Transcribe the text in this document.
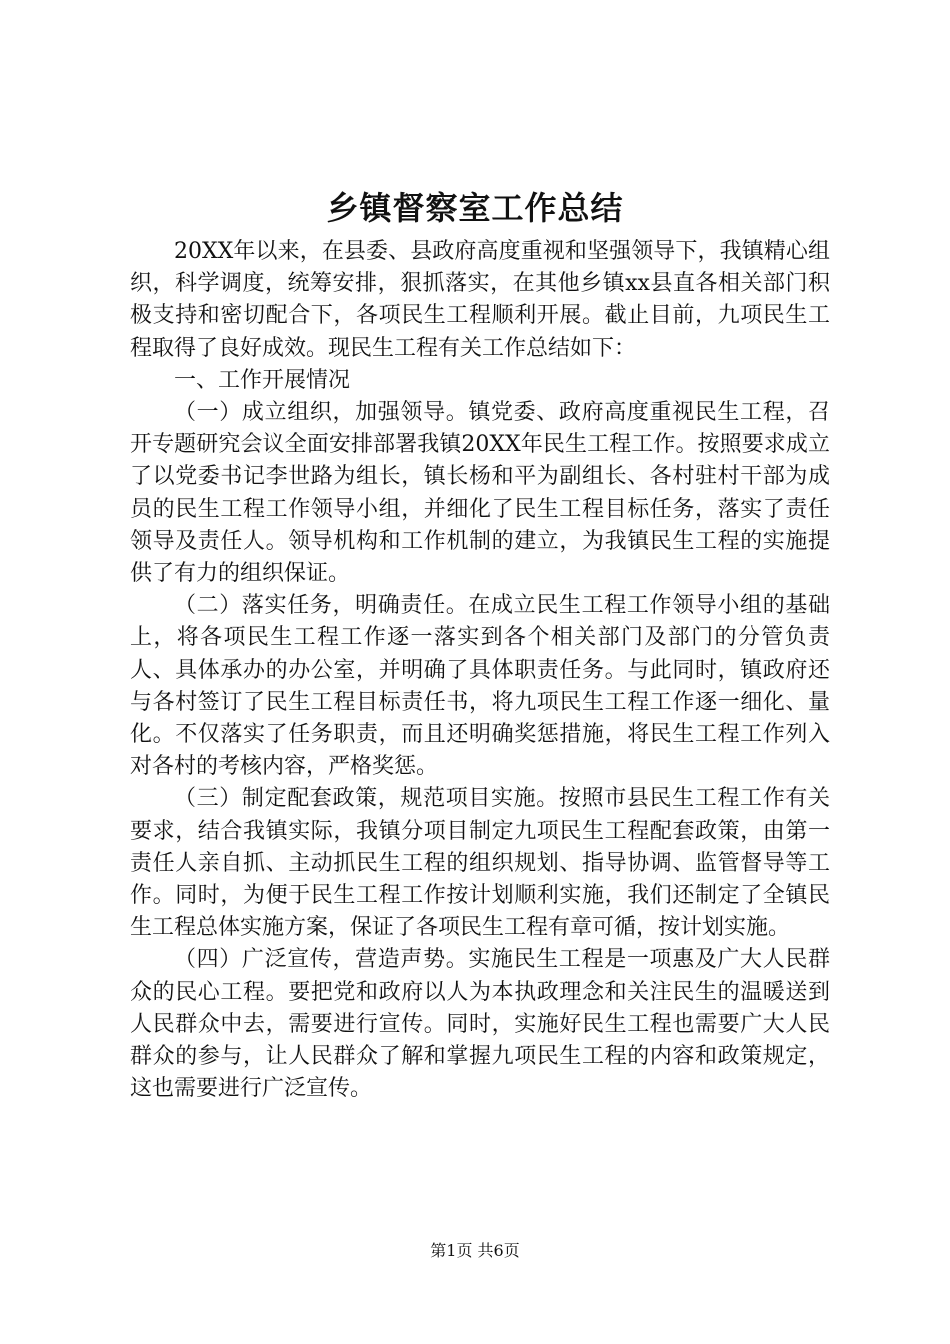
乡镇督察室工作总结

20XX年以来，在县委、县政府高度重视和坚强领导下，我镇精心组织，科学调度，统筹安排，狠抓落实，在其他乡镇xx县直各相关部门积极支持和密切配合下，各项民生工程顺利开展。截止目前，九项民生工程取得了良好成效。现民生工程有关工作总结如下：

一、工作开展情况

（一）成立组织，加强领导。镇党委、政府高度重视民生工程，召开专题研究会议全面安排部署我镇20XX年民生工程工作。按照要求成立了以党委书记李世路为组长，镇长杨和平为副组长、各村驻村干部为成员的民生工程工作领导小组，并细化了民生工程目标任务，落实了责任领导及责任人。领导机构和工作机制的建立，为我镇民生工程的实施提供了有力的组织保证。

（二）落实任务，明确责任。在成立民生工程工作领导小组的基础上，将各项民生工程工作逐一落实到各个相关部门及部门的分管负责人、具体承办的办公室，并明确了具体职责任务。与此同时，镇政府还与各村签订了民生工程目标责任书，将九项民生工程工作逐一细化、量化。不仅落实了任务职责，而且还明确奖惩措施，将民生工程工作列入对各村的考核内容，严格奖惩。

（三）制定配套政策，规范项目实施。按照市县民生工程工作有关要求，结合我镇实际，我镇分项目制定九项民生工程配套政策，由第一责任人亲自抓、主动抓民生工程的组织规划、指导协调、监管督导等工作。同时，为便于民生工程工作按计划顺利实施，我们还制定了全镇民生工程总体实施方案，保证了各项民生工程有章可循，按计划实施。

（四）广泛宣传，营造声势。实施民生工程是一项惠及广大人民群众的民心工程。要把党和政府以人为本执政理念和关注民生的温暖送到人民群众中去，需要进行宣传。同时，实施好民生工程也需要广大人民群众的参与，让人民群众了解和掌握九项民生工程的内容和政策规定，这也需要进行广泛宣传。

第1页 共6页
